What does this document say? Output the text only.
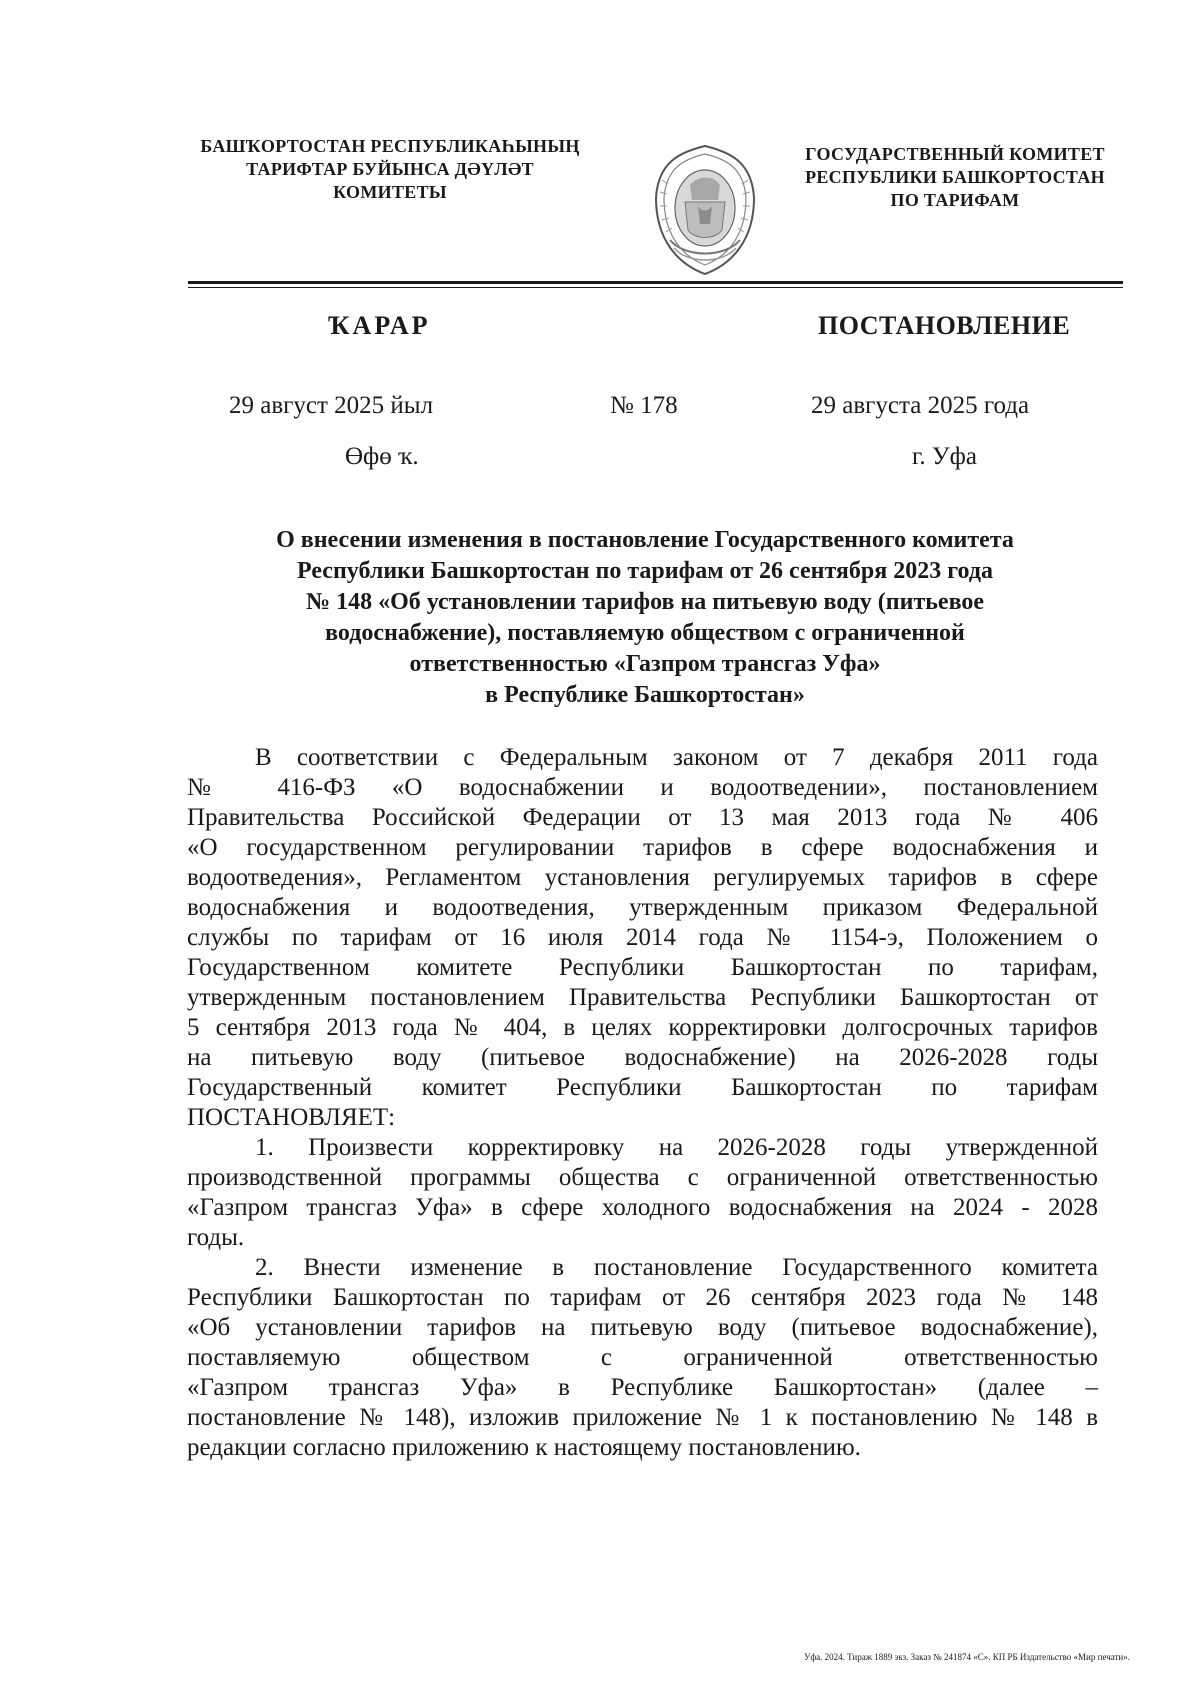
БАШҠОРТОСТАН РЕСПУБЛИКАҺЫНЫҢ
ТАРИФТАР БУЙЫНСА ДӘҮЛӘТ
КОМИТЕТЫ
ГОСУДАРСТВЕННЫЙ КОМИТЕТ
РЕСПУБЛИКИ БАШКОРТОСТАН
ПО ТАРИФАМ
ҠАРАР	ПОСТАНОВЛЕНИЕ
29 август 2025 йыл	№ 178	29 августа 2025 года
Өфө ҡ.	г. Уфа
О внесении изменения в постановление Государственного комитета
Республики Башкортостан по тарифам от 26 сентября 2023 года
№ 148 «Об установлении тарифов на питьевую воду (питьевое
водоснабжение), поставляемую обществом с ограниченной
ответственностью «Газпром трансгаз Уфа»
в Республике Башкортостан»
В соответствии с Федеральным законом от 7 декабря 2011 года
№ 416-ФЗ «О водоснабжении и водоотведении», постановлением
Правительства Российской Федерации от 13 мая 2013 года № 406
«О государственном регулировании тарифов в сфере водоснабжения и
водоотведения», Регламентом установления регулируемых тарифов в сфере
водоснабжения и водоотведения, утвержденным приказом Федеральной
службы по тарифам от 16 июля 2014 года № 1154-э, Положением о
Государственном комитете Республики Башкортостан по тарифам,
утвержденным постановлением Правительства Республики Башкортостан от
5 сентября 2013 года № 404, в целях корректировки долгосрочных тарифов
на питьевую воду (питьевое водоснабжение) на 2026-2028 годы
Государственный комитет Республики Башкортостан по тарифам
ПОСТАНОВЛЯЕТ:
1. Произвести корректировку на 2026-2028 годы утвержденной
производственной программы общества с ограниченной ответственностью
«Газпром трансгаз Уфа» в сфере холодного водоснабжения на 2024 - 2028
годы.
2. Внести изменение в постановление Государственного комитета
Республики Башкортостан по тарифам от 26 сентября 2023 года № 148
«Об установлении тарифов на питьевую воду (питьевое водоснабжение),
поставляемую обществом с ограниченной ответственностью
«Газпром трансгаз Уфа» в Республике Башкортостан» (далее –
постановление № 148), изложив приложение № 1 к постановлению № 148 в
редакции согласно приложению к настоящему постановлению.
Уфа. 2024. Тираж 1889 экз. Заказ № 241874 «С». КП РБ Издательство «Мир печати».
